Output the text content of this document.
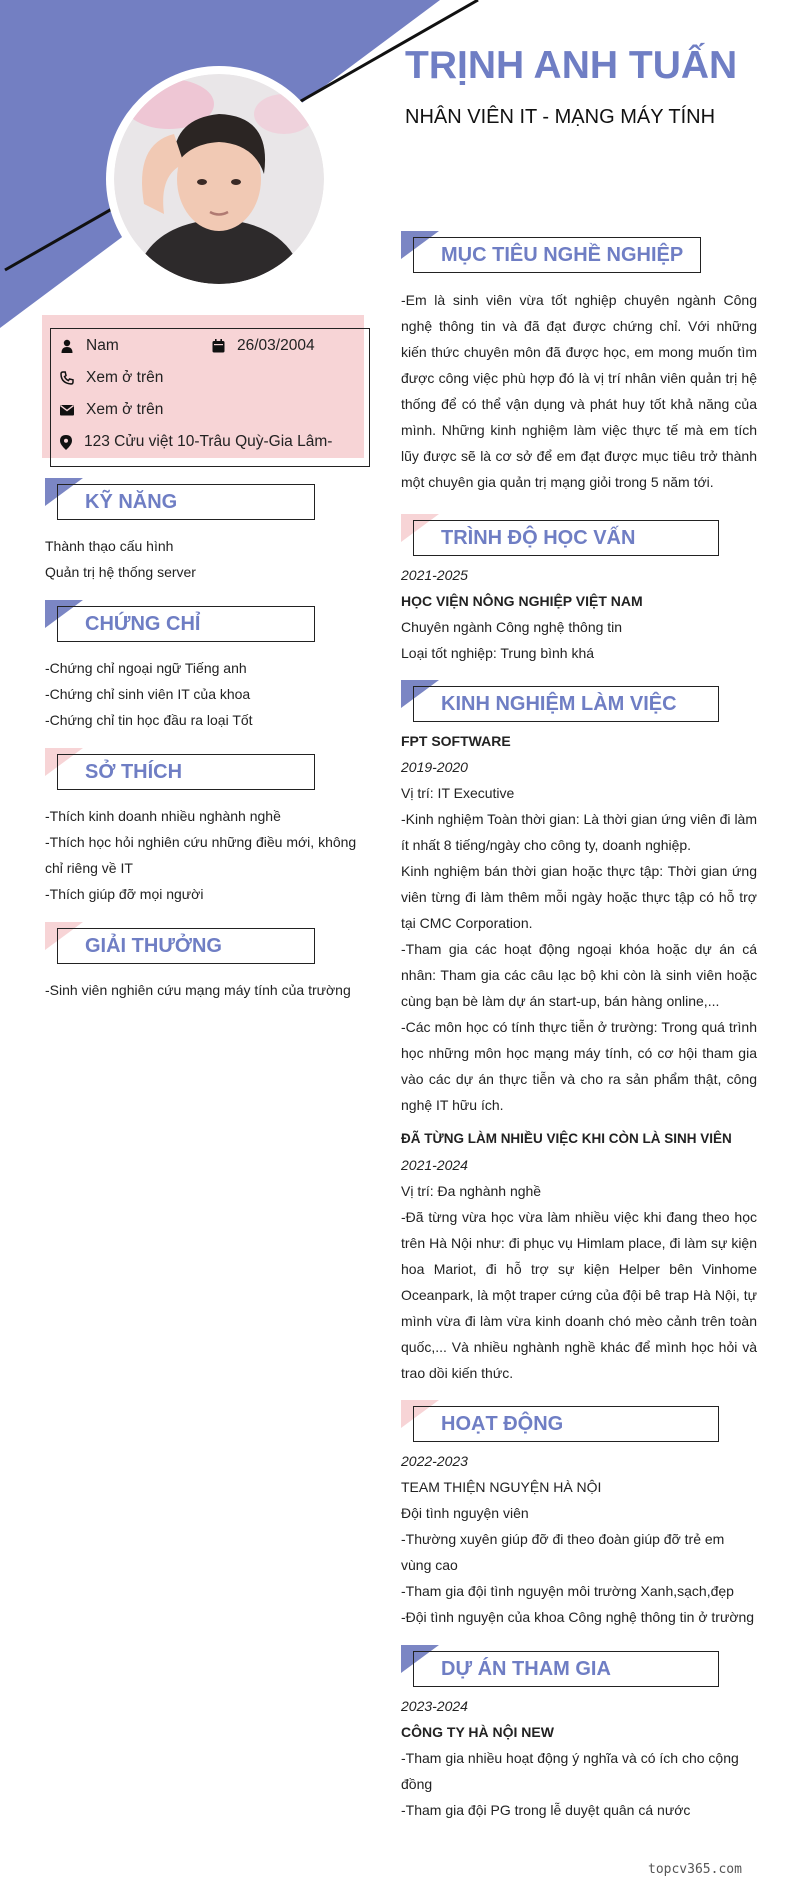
TRỊNH ANH TUẤN
NHÂN VIÊN IT - MẠNG MÁY TÍNH
Nam	26/03/2004
Xem ở trên
Xem ở trên
123 Cửu việt 10-Trâu Quỳ-Gia Lâm-
KỸ NĂNG
Thành thạo cấu hình
Quản trị hệ thống server
CHỨNG CHỈ
-Chứng chỉ ngoại ngữ Tiếng anh
-Chứng chỉ sinh viên IT của khoa
-Chứng chỉ tin học đầu ra loại Tốt
SỞ THÍCH
-Thích kinh doanh nhiều nghành nghề
-Thích học hỏi nghiên cứu những điều mới, không chỉ riêng về IT
-Thích giúp đỡ mọi người
GIẢI THƯỞNG
-Sinh viên nghiên cứu mạng máy tính của trường
MỤC TIÊU NGHỀ NGHIỆP
-Em là sinh viên vừa tốt nghiệp chuyên ngành Công nghệ thông tin và đã đạt được chứng chỉ. Với những kiến thức chuyên môn đã được học, em mong muốn tìm được công việc phù hợp đó là vị trí nhân viên quản trị hệ thống để có thể vận dụng và phát huy tốt khả năng của mình. Những kinh nghiệm làm việc thực tế mà em tích lũy được sẽ là cơ sở để em đạt được mục tiêu trở thành một chuyên gia quản trị mạng giỏi trong 5 năm tới.
TRÌNH ĐỘ HỌC VẤN
2021-2025
HỌC VIỆN NÔNG NGHIỆP VIỆT NAM
Chuyên ngành Công nghệ thông tin
Loại tốt nghiệp: Trung bình khá
KINH NGHIỆM LÀM VIỆC
FPT SOFTWARE
2019-2020
Vị trí: IT Executive
-Kinh nghiệm Toàn thời gian: Là thời gian ứng viên đi làm ít nhất 8 tiếng/ngày cho công ty, doanh nghiệp.
Kinh nghiệm bán thời gian hoặc thực tập: Thời gian ứng viên từng đi làm thêm mỗi ngày hoặc thực tập có hỗ trợ tại CMC Corporation.
-Tham gia các hoạt động ngoại khóa hoặc dự án cá nhân: Tham gia các câu lạc bộ khi còn là sinh viên hoặc cùng bạn bè làm dự án start-up, bán hàng online,...
-Các môn học có tính thực tiễn ở trường: Trong quá trình học những môn học mạng máy tính, có cơ hội tham gia vào các dự án thực tiễn và cho ra sản phẩm thật, công nghệ IT hữu ích.
ĐÃ TỪNG LÀM NHIỀU VIỆC KHI CÒN LÀ SINH VIÊN
2021-2024
Vị trí: Đa nghành nghề
-Đã từng vừa học vừa làm nhiều việc khi đang theo học trên Hà Nội như: đi phục vụ Himlam place, đi làm sự kiện hoa Mariot, đi hỗ trợ sự kiện Helper bên Vinhome Oceanpark, là một traper cứng của đội bê trap Hà Nội, tự mình vừa đi làm vừa kinh doanh chó mèo cảnh trên toàn quốc,... Và nhiều nghành nghề khác để mình học hỏi và trao dồi kiến thức.
HOẠT ĐỘNG
2022-2023
TEAM THIỆN NGUYỆN HÀ NỘI
Đội tình nguyện viên
-Thường xuyên giúp đỡ đi theo đoàn giúp đỡ trẻ em vùng cao
-Tham gia đội tình nguyện môi trường Xanh,sạch,đẹp
-Đội tình nguyện của khoa Công nghệ thông tin ở trường
DỰ ÁN THAM GIA
2023-2024
CÔNG TY HÀ NỘI NEW
-Tham gia nhiều hoạt động ý nghĩa và có ích cho cộng đồng
-Tham gia đội PG trong lễ duyệt quân cá nước
topcv365.com
